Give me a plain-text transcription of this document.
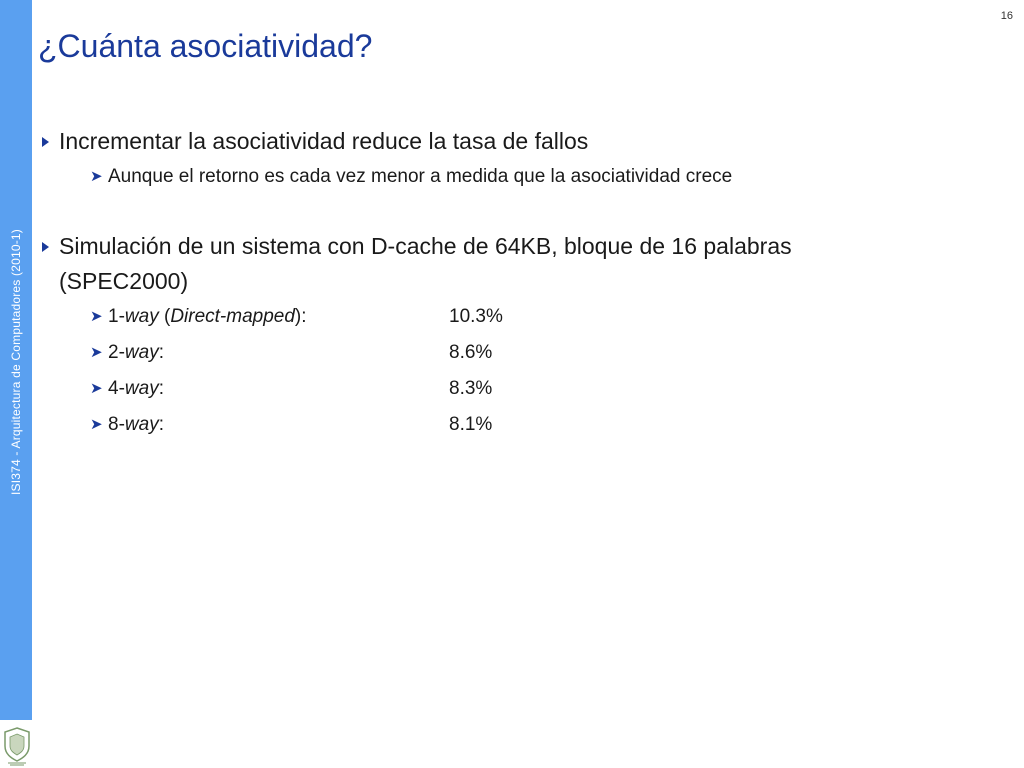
ISI374 - Arquitectura de Computadores (2010-1)
16
¿Cuánta asociatividad?
Incrementar la asociatividad reduce la tasa de fallos
➤ Aunque el retorno es cada vez menor a medida que la asociatividad crece
Simulación de un sistema con D-cache de 64KB, bloque de 16 palabras
(SPEC2000)
➤ 1-way (Direct-mapped):	10.3%
➤ 2-way:	8.6%
➤ 4-way:	8.3%
➤ 8-way:	8.1%
